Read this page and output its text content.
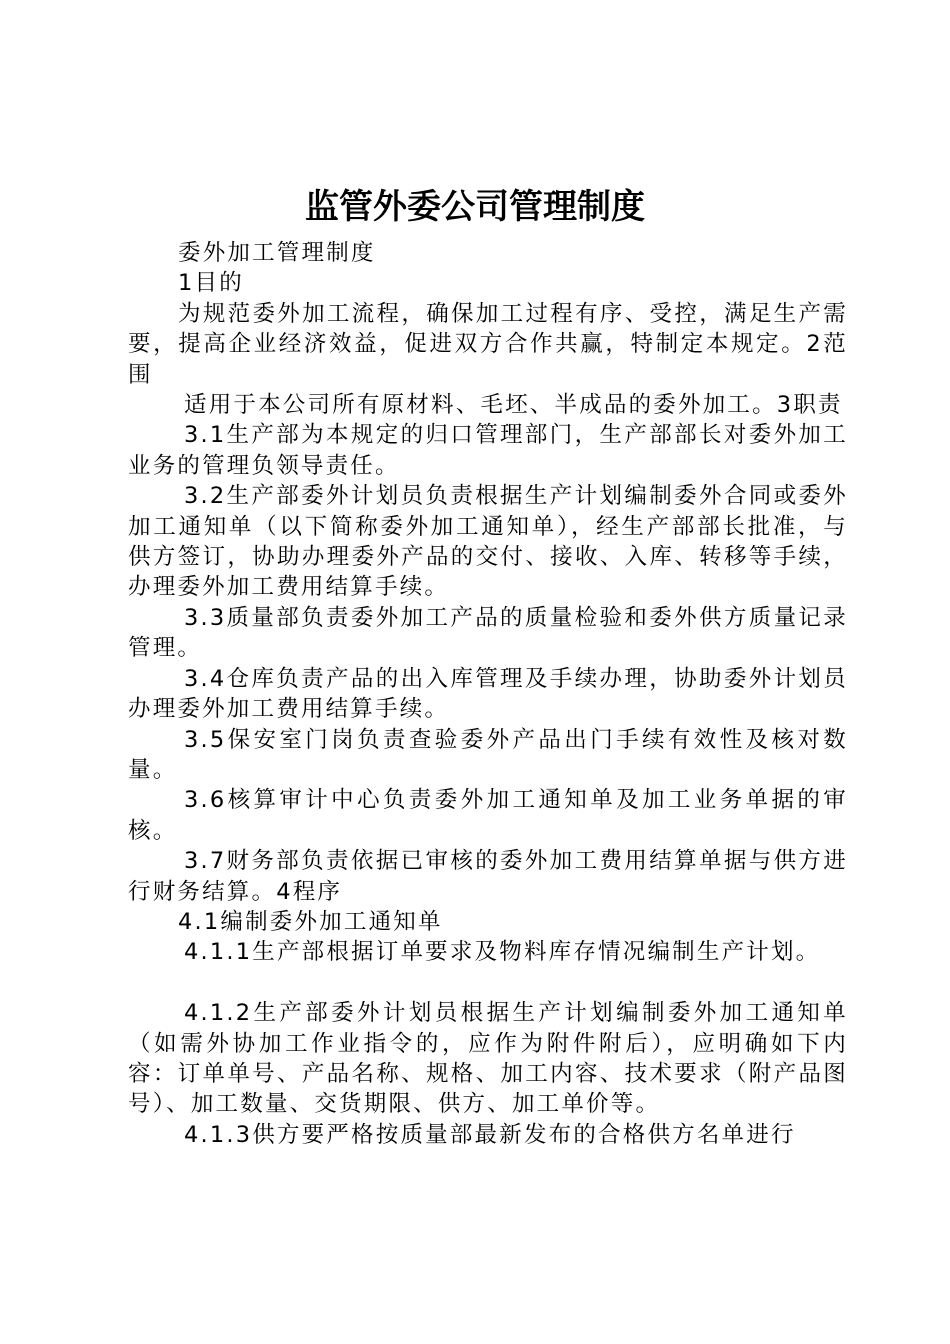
监管外委公司管理制度

委外加工管理制度

1目的

为规范委外加工流程，确保加工过程有序、受控，满足生产需要，提高企业经济效益，促进双方合作共赢，特制定本规定。2范围

适用于本公司所有原材料、毛坯、半成品的委外加工。3职责

3.1生产部为本规定的归口管理部门，生产部部长对委外加工业务的管理负领导责任。

3.2生产部委外计划员负责根据生产计划编制委外合同或委外加工通知单（以下简称委外加工通知单），经生产部部长批准，与供方签订，协助办理委外产品的交付、接收、入库、转移等手续，办理委外加工费用结算手续。

3.3质量部负责委外加工产品的质量检验和委外供方质量记录管理。

3.4仓库负责产品的出入库管理及手续办理，协助委外计划员办理委外加工费用结算手续。

3.5保安室门岗负责查验委外产品出门手续有效性及核对数量。

3.6核算审计中心负责委外加工通知单及加工业务单据的审核。

3.7财务部负责依据已审核的委外加工费用结算单据与供方进行财务结算。4程序

4.1编制委外加工通知单

4.1.1生产部根据订单要求及物料库存情况编制生产计划。

4.1.2生产部委外计划员根据生产计划编制委外加工通知单（如需外协加工作业指令的，应作为附件附后），应明确如下内容：订单单号、产品名称、规格、加工内容、技术要求（附产品图号）、加工数量、交货期限、供方、加工单价等。

4.1.3供方要严格按质量部最新发布的合格供方名单进行
